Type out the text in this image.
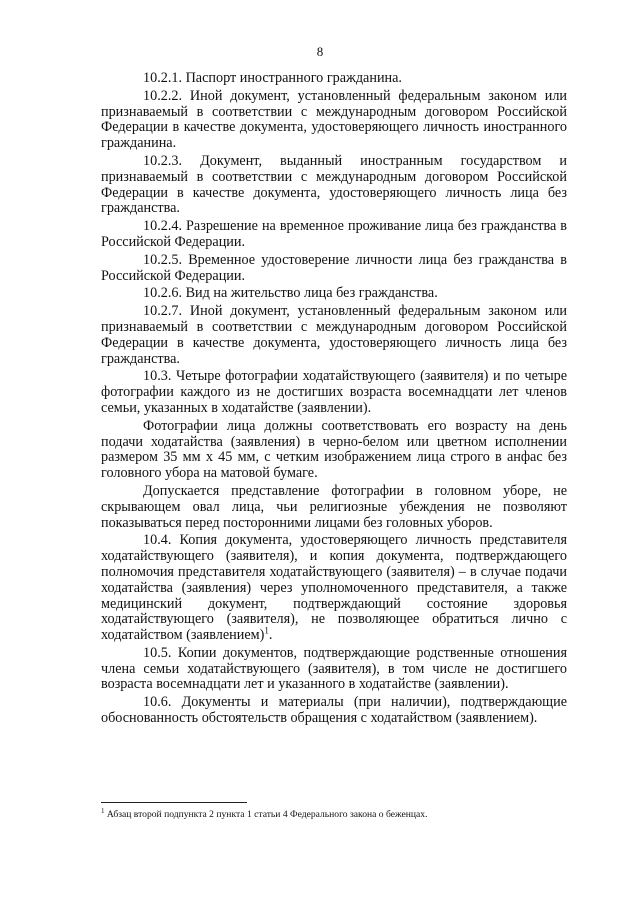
8

10.2.1. Паспорт иностранного гражданина.

10.2.2. Иной документ, установленный федеральным законом или признаваемый в соответствии с международным договором Российской Федерации в качестве документа, удостоверяющего личность иностранного гражданина.

10.2.3. Документ, выданный иностранным государством и признаваемый в соответствии с международным договором Российской Федерации в качестве документа, удостоверяющего личность лица без гражданства.

10.2.4. Разрешение на временное проживание лица без гражданства в Российской Федерации.

10.2.5. Временное удостоверение личности лица без гражданства в Российской Федерации.

10.2.6. Вид на жительство лица без гражданства.

10.2.7. Иной документ, установленный федеральным законом или признаваемый в соответствии с международным договором Российской Федерации в качестве документа, удостоверяющего личность лица без гражданства.

10.3. Четыре фотографии ходатайствующего (заявителя) и по четыре фотографии каждого из не достигших возраста восемнадцати лет членов семьи, указанных в ходатайстве (заявлении).

Фотографии лица должны соответствовать его возрасту на день подачи ходатайства (заявления) в черно-белом или цветном исполнении размером 35 мм х 45 мм, с четким изображением лица строго в анфас без головного убора на матовой бумаге.

Допускается представление фотографии в головном уборе, не скрывающем овал лица, чьи религиозные убеждения не позволяют показываться перед посторонними лицами без головных уборов.

10.4. Копия документа, удостоверяющего личность представителя ходатайствующего (заявителя), и копия документа, подтверждающего полномочия представителя ходатайствующего (заявителя) – в случае подачи ходатайства (заявления) через уполномоченного представителя, а также медицинский документ, подтверждающий состояние здоровья ходатайствующего (заявителя), не позволяющее обратиться лично с ходатайством (заявлением)$^1$.

10.5. Копии документов, подтверждающие родственные отношения члена семьи ходатайствующего (заявителя), в том числе не достигшего возраста восемнадцати лет и указанного в ходатайстве (заявлении).

10.6. Документы и материалы (при наличии), подтверждающие обоснованность обстоятельств обращения с ходатайством (заявлением).

$^1$ Абзац второй подпункта 2 пункта 1 статьи 4 Федерального закона о беженцах.
